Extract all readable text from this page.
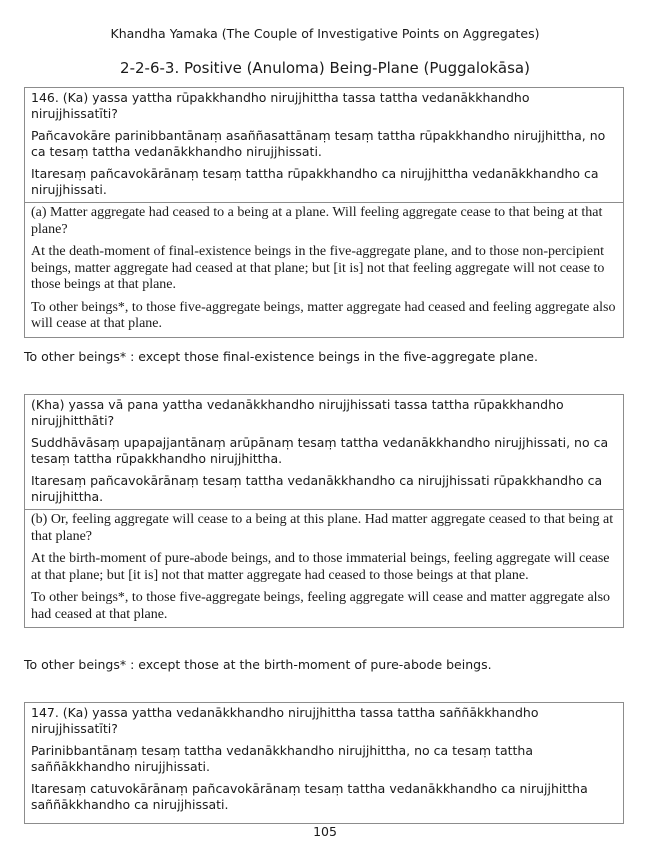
Khandha Yamaka (The Couple of Investigative Points on Aggregates)
2-2-6-3. Positive (Anuloma) Being-Plane (Puggalokāsa)

146. (Ka) yassa yattha rūpakkhandho nirujjhittha tassa tattha vedanākkhandho nirujjhissatīti?

Pañcavokāre parinibbantānaṃ asaññasattānaṃ tesaṃ tattha rūpakkhandho nirujjhittha, no ca tesaṃ tattha vedanākkhandho nirujjhissati.

Itaresaṃ pañcavokārānaṃ tesaṃ tattha rūpakkhandho ca nirujjhittha vedanākkhandho ca nirujjhissati.

(a) Matter aggregate had ceased to a being at a plane. Will feeling aggregate cease to that being at that plane?

At the death-moment of final-existence beings in the five-aggregate plane, and to those non-percipient beings, matter aggregate had ceased at that plane; but [it is] not that feeling aggregate will not cease to those beings at that plane.

To other beings*, to those five-aggregate beings, matter aggregate had ceased and feeling aggregate also will cease at that plane.

To other beings* : except those final-existence beings in the five-aggregate plane.

(Kha) yassa vā pana yattha vedanākkhandho nirujjhissati tassa tattha rūpakkhandho nirujjhitthāti?

Suddhāvāsaṃ upapajjantānaṃ arūpānaṃ tesaṃ tattha vedanākkhandho nirujjhissati, no ca tesaṃ tattha rūpakkhandho nirujjhittha.

Itaresaṃ pañcavokārānaṃ tesaṃ tattha vedanākkhandho ca nirujjhissati rūpakkhandho ca nirujjhittha.

(b) Or, feeling aggregate will cease to a being at this plane. Had matter aggregate ceased to that being at that plane?

At the birth-moment of pure-abode beings, and to those immaterial beings, feeling aggregate will cease at that plane; but [it is] not that matter aggregate had ceased to those beings at that plane.

To other beings*, to those five-aggregate beings, feeling aggregate will cease and matter aggregate also had ceased at that plane.

To other beings* : except those at the birth-moment of pure-abode beings.

147. (Ka) yassa yattha vedanākkhandho nirujjhittha tassa tattha saññākkhandho nirujjhissatīti?

Parinibbantānaṃ tesaṃ tattha vedanākkhandho nirujjhittha, no ca tesaṃ tattha saññākkhandho nirujjhissati.

Itaresaṃ catuvokārānaṃ pañcavokārānaṃ tesaṃ tattha vedanākkhandho ca nirujjhittha saññākkhandho ca nirujjhissati.

105
